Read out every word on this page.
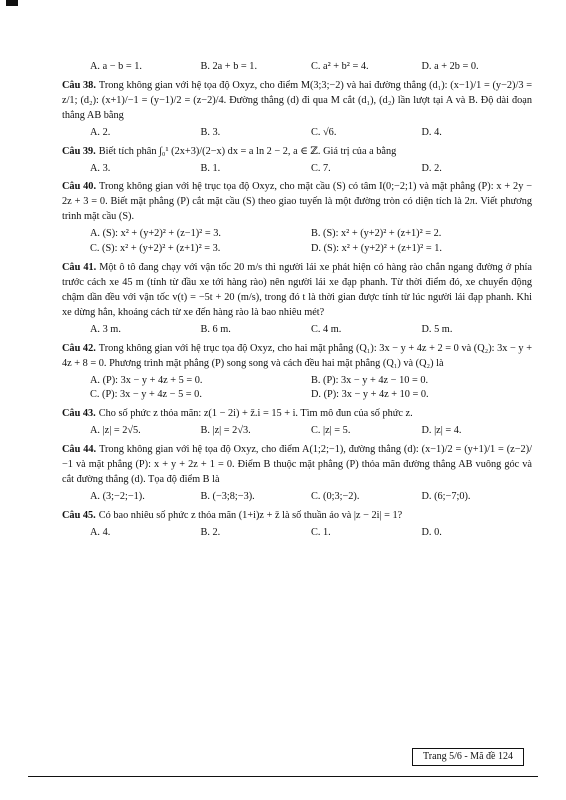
A. a − b = 1.	B. 2a + b = 1.	C. a² + b² = 4.	D. a + 2b = 0.
Câu 38. Trong không gian với hệ tọa độ Oxyz, cho điểm M(3;3;−2) và hai đường thẳng (d₁): (x−1)/1 = (y−2)/3 = z/1; (d₂): (x+1)/−1 = (y−1)/2 = (z−2)/4. Đường thẳng (d) đi qua M cắt (d₁), (d₂) lần lượt tại A và B. Độ dài đoạn thẳng AB bằng
A. 2.	B. 3.	C. √6.	D. 4.
Câu 39. Biết tích phân ∫₀¹ (2x+3)/(2−x) dx = a ln 2 − 2, a ∈ ℤ. Giá trị của a bằng
A. 3.	B. 1.	C. 7.	D. 2.
Câu 40. Trong không gian với hệ trục tọa độ Oxyz, cho mặt cầu (S) có tâm I(0;−2;1) và mặt phẳng (P): x + 2y − 2z + 3 = 0. Biết mặt phẳng (P) cắt mặt cầu (S) theo giao tuyến là một đường tròn có diện tích là 2π. Viết phương trình mặt cầu (S).
A. (S): x² + (y+2)² + (z−1)² = 3.	B. (S): x² + (y+2)² + (z+1)² = 2.
C. (S): x² + (y+2)² + (z+1)² = 3.	D. (S): x² + (y+2)² + (z+1)² = 1.
Câu 41. Một ô tô đang chạy với vận tốc 20 m/s thì người lái xe phát hiện có hàng rào chắn ngang đường ở phía trước cách xe 45 m (tính từ đầu xe tới hàng rào) nên người lái xe đạp phanh. Từ thời điểm đó, xe chuyển động chậm dần đều với vận tốc v(t) = −5t + 20 (m/s), trong đó t là thời gian được tính từ lúc người lái đạp phanh. Khi xe dừng hẳn, khoảng cách từ xe đến hàng rào là bao nhiêu mét?
A. 3 m.	B. 6 m.	C. 4 m.	D. 5 m.
Câu 42. Trong không gian với hệ trục tọa độ Oxyz, cho hai mặt phẳng (Q₁): 3x − y + 4z + 2 = 0 và (Q₂): 3x − y + 4z + 8 = 0. Phương trình mặt phẳng (P) song song và cách đều hai mặt phẳng (Q₁) và (Q₂) là
A. (P): 3x − y + 4z + 5 = 0.	B. (P): 3x − y + 4z − 10 = 0.
C. (P): 3x − y + 4z − 5 = 0.	D. (P): 3x − y + 4z + 10 = 0.
Câu 43. Cho số phức z thỏa mãn: z(1 − 2i) + z̄.i = 15 + i. Tìm mô đun của số phức z.
A. |z| = 2√5.	B. |z| = 2√3.	C. |z| = 5.	D. |z| = 4.
Câu 44. Trong không gian với hệ tọa độ Oxyz, cho điểm A(1;2;−1), đường thẳng (d): (x−1)/2 = (y+1)/1 = (z−2)/−1 và mặt phẳng (P): x + y + 2z + 1 = 0. Điểm B thuộc mặt phẳng (P) thỏa mãn đường thẳng AB vuông góc và cắt đường thẳng (d). Tọa độ điểm B là
A. (3;−2;−1).	B. (−3;8;−3).	C. (0;3;−2).	D. (6;−7;0).
Câu 45. Có bao nhiêu số phức z thỏa mãn (1+i)z + z̄ là số thuần ảo và |z − 2i| = 1?
A. 4.	B. 2.	C. 1.	D. 0.
Trang 5/6 - Mã đề 124
